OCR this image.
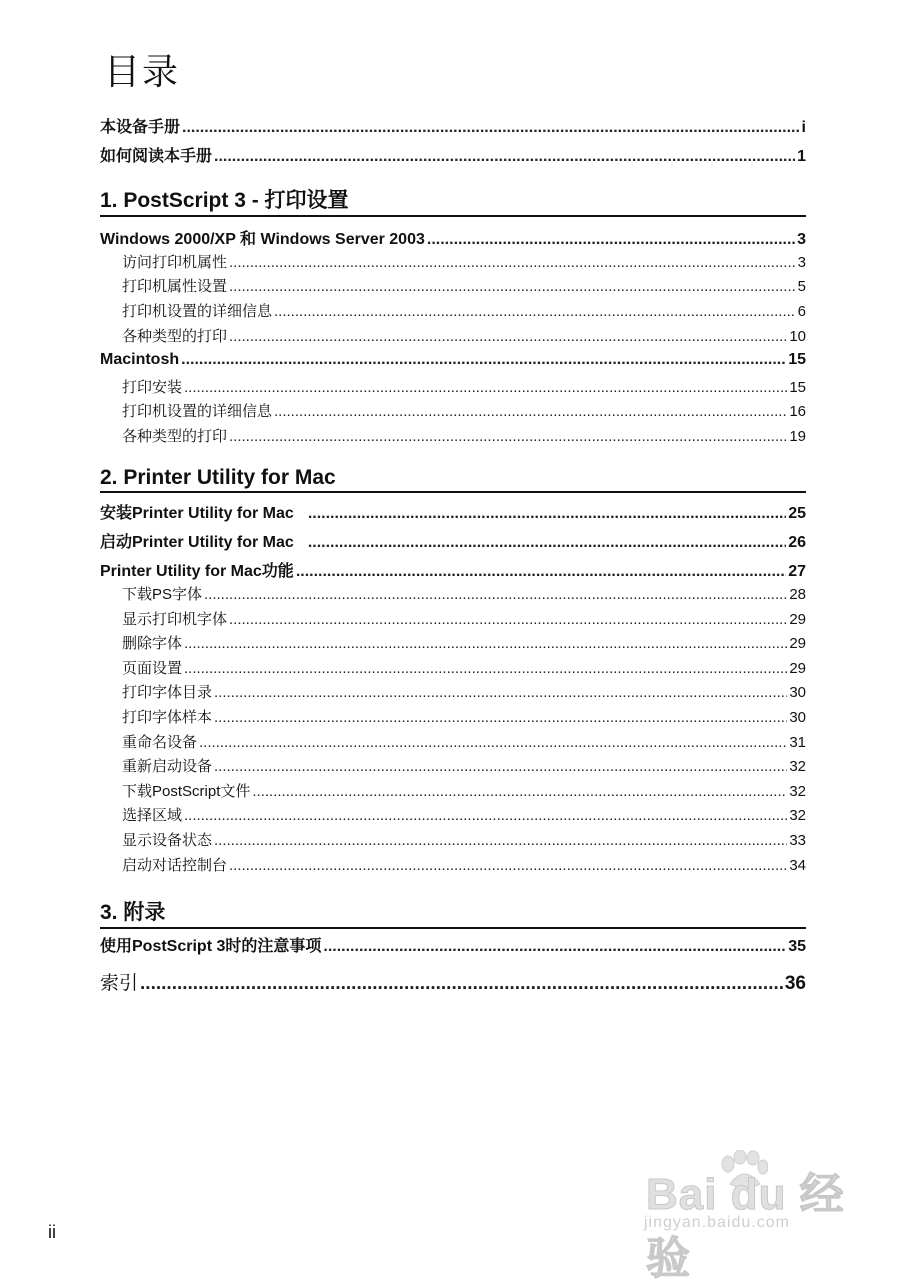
目录
本设备手册 .....	i
如何阅读本手册 .....	1
1. PostScript 3 - 打印设置
Windows 2000/XP 和 Windows Server 2003 .....	3
访问打印机属性 .....	3
打印机属性设置 .....	5
打印机设置的详细信息 .....	6
各种类型的打印 .....	10
Macintosh .....	15
打印安装 .....	15
打印机设置的详细信息 .....	16
各种类型的打印 .....	19
2. Printer Utility for Mac
安装Printer Utility for Mac .....	25
启动Printer Utility for Mac .....	26
Printer Utility for Mac功能 .....	27
下载PS字体 .....	28
显示打印机字体 .....	29
删除字体 .....	29
页面设置 .....	29
打印字体目录 .....	30
打印字体样本 .....	30
重命名设备 .....	31
重新启动设备 .....	32
下载PostScript文件 .....	32
选择区域 .....	32
显示设备状态 .....	33
启动对话控制台 .....	34
3. 附录
使用PostScript 3时的注意事项 .....	35
索引 .....	36
Bai du 经验
jingyan.baidu.com
ii
